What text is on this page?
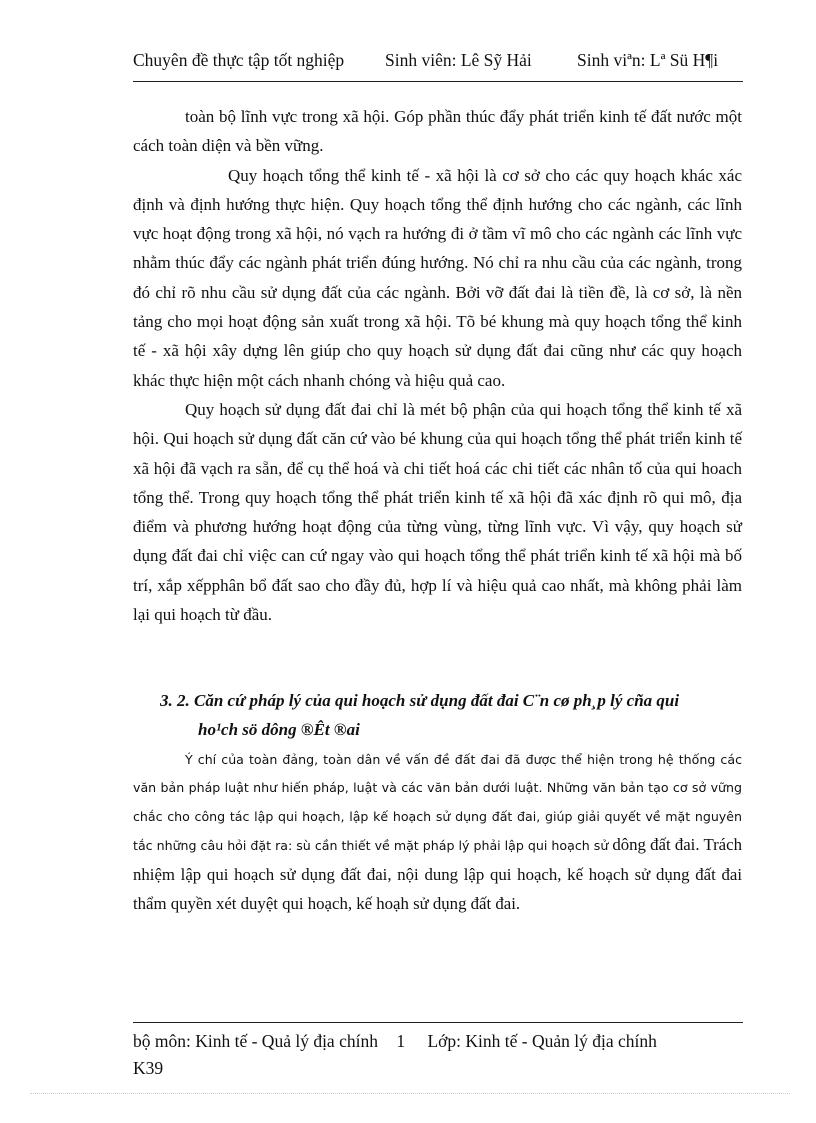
Chuyên đề thực tập tốt nghiệp Sinh viên: Lê Sỹ Hải	Sinh viªn: Lª Sü H¶i

toàn bộ lĩnh vực trong xã hội. Góp phần thúc đẩy phát triển kinh tế đất nước một cách toàn diện và bền vững.

Quy hoạch tổng thể kinh tế - xã hội là cơ sở cho các quy hoạch khác xác định và định hướng thực hiện. Quy hoạch tổng thể định hướng cho các ngành, các lĩnh vực hoạt động trong xã hội, nó vạch ra hướng đi ở tầm vĩ mô cho các ngành các lĩnh vực nhằm thúc đẩy các ngành phát triển đúng hướng. Nó chỉ ra nhu cầu của các ngành, trong đó chỉ rõ nhu cầu sử dụng đất của các ngành. Bởi vỡ đất đai là tiền đề, là cơ sở, là nền tảng cho mọi hoạt động sản xuất trong xã hội. Tõ bé khung mà quy hoạch tổng thể kinh tế - xã hội xây dựng lên giúp cho quy hoạch sử dụng đất đai cũng như các quy hoạch khác thực hiện một cách nhanh chóng và hiệu quả cao.

Quy hoạch sử dụng đất đai chỉ là mét bộ phận của qui hoạch tổng thể kinh tế xã hội. Qui hoạch sử dụng đất căn cứ vào bé khung của qui hoạch tổng thể phát triển kinh tế xã hội đã vạch ra sẵn, để cụ thể hoá và chi tiết hoá các chi tiết các nhân tố của qui hoach tổng thể. Trong quy hoạch tổng thể phát triển kinh tế xã hội đã xác định rõ qui mô, địa điểm và phương hướng hoạt động của từng vùng, từng lĩnh vực. Vì vậy, quy hoạch sử dụng đất đai chỉ việc can cứ ngay vào qui hoạch tổng thể phát triển kinh tế xã hội mà bố trí, xắp xếpphân bổ đất sao cho đầy đủ, hợp lí và hiệu quả cao nhất, mà không phải làm lại qui hoạch từ đầu.

3. 2. Căn cứ pháp lý của qui hoạch sử dụng đất đai C¨n cø ph¸p lý cña qui
ho¹ch sö dông ®Êt ®ai

Ý chí của toàn đảng, toàn dân về vấn đề đất đai đã được thể hiện trong hệ thống các văn bản pháp luật như hiến pháp, luật và các văn bản dưới luật. Những văn bản tạo cơ sở vững chắc cho công tác lập qui hoạch, lập kế hoạch sử dụng đất đai, giúp giải quyết về mặt nguyên tắc những câu hỏi đặt ra: sù cần thiết về mặt pháp lý phải lập qui hoạch sử dông đất đai. Trách nhiệm lập qui hoạch sử dụng đất đai, nội dung lập qui hoạch, kế hoạch sử dụng đất đai thẩm quyền xét duyệt qui hoạch, kế hoạh sử dụng đất đai.

bộ môn: Kinh tế - Quả lý địa chính 1 Lớp: Kinh tế - Quản lý địa chính
K39
